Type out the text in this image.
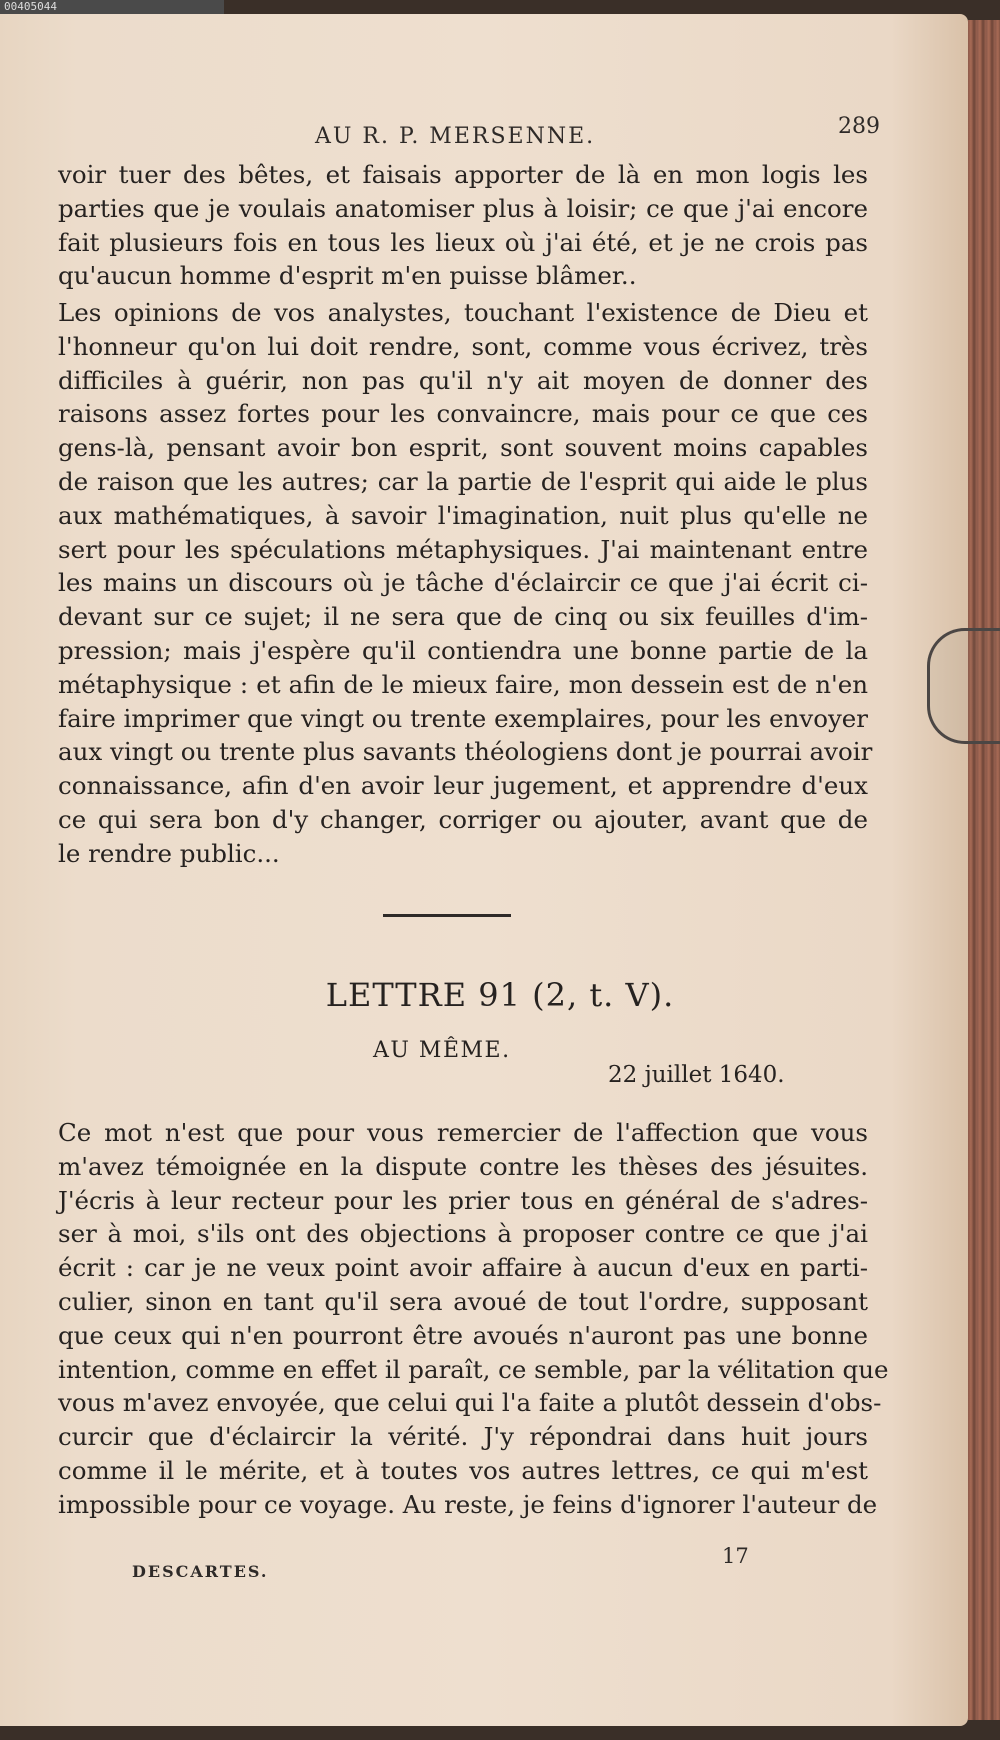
00405044
AU R. P. MERSENNE.	289
voir tuer des bêtes, et faisais apporter de là en mon logis les
parties que je voulais anatomiser plus à loisir; ce que j'ai encore
fait plusieurs fois en tous les lieux où j'ai été, et je ne crois pas
qu'aucun homme d'esprit m'en puisse blâmer..
Les opinions de vos analystes, touchant l'existence de Dieu et
l'honneur qu'on lui doit rendre, sont, comme vous écrivez, très
difficiles à guérir, non pas qu'il n'y ait moyen de donner des
raisons assez fortes pour les convaincre, mais pour ce que ces
gens-là, pensant avoir bon esprit, sont souvent moins capables
de raison que les autres; car la partie de l'esprit qui aide le plus
aux mathématiques, à savoir l'imagination, nuit plus qu'elle ne
sert pour les spéculations métaphysiques. J'ai maintenant entre
les mains un discours où je tâche d'éclaircir ce que j'ai écrit ci-
devant sur ce sujet; il ne sera que de cinq ou six feuilles d'im-
pression; mais j'espère qu'il contiendra une bonne partie de la
métaphysique : et afin de le mieux faire, mon dessein est de n'en
faire imprimer que vingt ou trente exemplaires, pour les envoyer
aux vingt ou trente plus savants théologiens dont je pourrai avoir
connaissance, afin d'en avoir leur jugement, et apprendre d'eux
ce qui sera bon d'y changer, corriger ou ajouter, avant que de
le rendre public...
LETTRE 91 (2, t. V).
AU MÊME.
22 juillet 1640.
Ce mot n'est que pour vous remercier de l'affection que vous
m'avez témoignée en la dispute contre les thèses des jésuites.
J'écris à leur recteur pour les prier tous en général de s'adres-
ser à moi, s'ils ont des objections à proposer contre ce que j'ai
écrit : car je ne veux point avoir affaire à aucun d'eux en parti-
culier, sinon en tant qu'il sera avoué de tout l'ordre, supposant
que ceux qui n'en pourront être avoués n'auront pas une bonne
intention, comme en effet il paraît, ce semble, par la vélitation que
vous m'avez envoyée, que celui qui l'a faite a plutôt dessein d'obs-
curcir que d'éclaircir la vérité. J'y répondrai dans huit jours
comme il le mérite, et à toutes vos autres lettres, ce qui m'est
impossible pour ce voyage. Au reste, je feins d'ignorer l'auteur de
DESCARTES.
17
